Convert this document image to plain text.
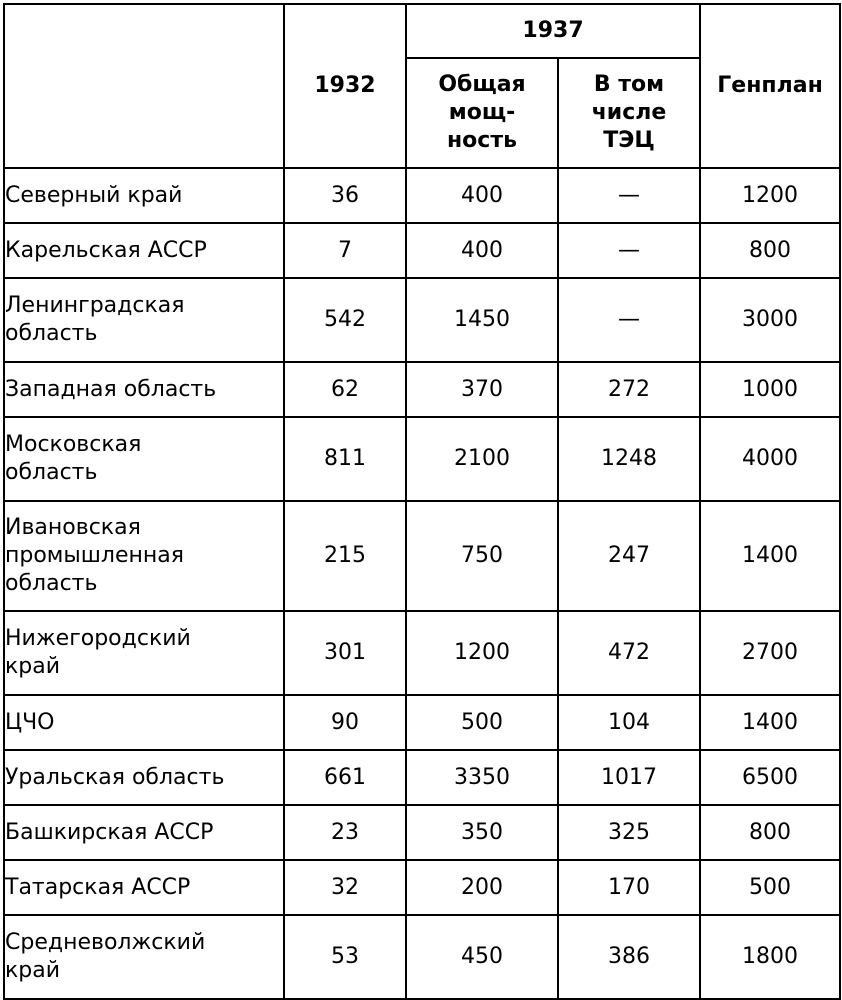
	1932	1937		Генплан

		Общая
мощ-
ность	В том
числе
ТЭЦ	

Северный край	36	400	—	1200

Карельская АССР	7	400	—	800

Ленинградская
область	542	1450	—	3000

Западная область	62	370	272	1000

Московская
область	811	2100	1248	4000

Ивановская
промышленная
область	215	750	247	1400

Нижегородский
край	301	1200	472	2700

ЦЧО	90	500	104	1400

Уральская область	661	3350	1017	6500

Башкирская АССР	23	350	325	800

Татарская АССР	32	200	170	500

Средневолжский
край	53	450	386	1800
